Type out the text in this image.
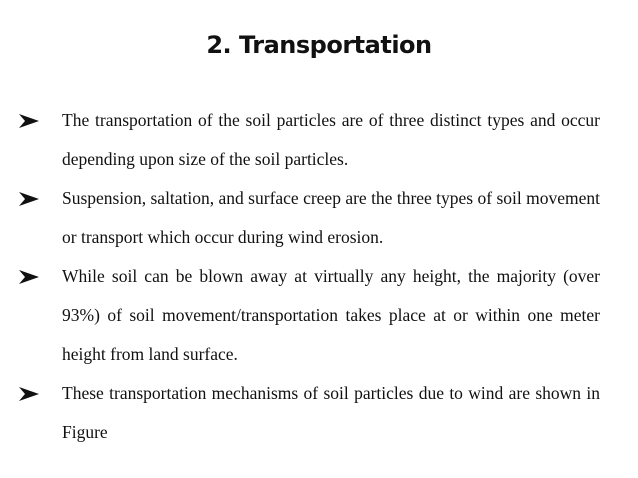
2. Transportation
The transportation of the soil particles are of three distinct types and occur depending upon size of the soil particles.
Suspension, saltation, and surface creep are the three types of soil movement or transport which occur during wind erosion.
While soil can be blown away at virtually any height, the majority (over 93%) of soil movement/transportation takes place at or within one meter height from land surface.
These transportation mechanisms of soil particles due to wind are shown in Figure
